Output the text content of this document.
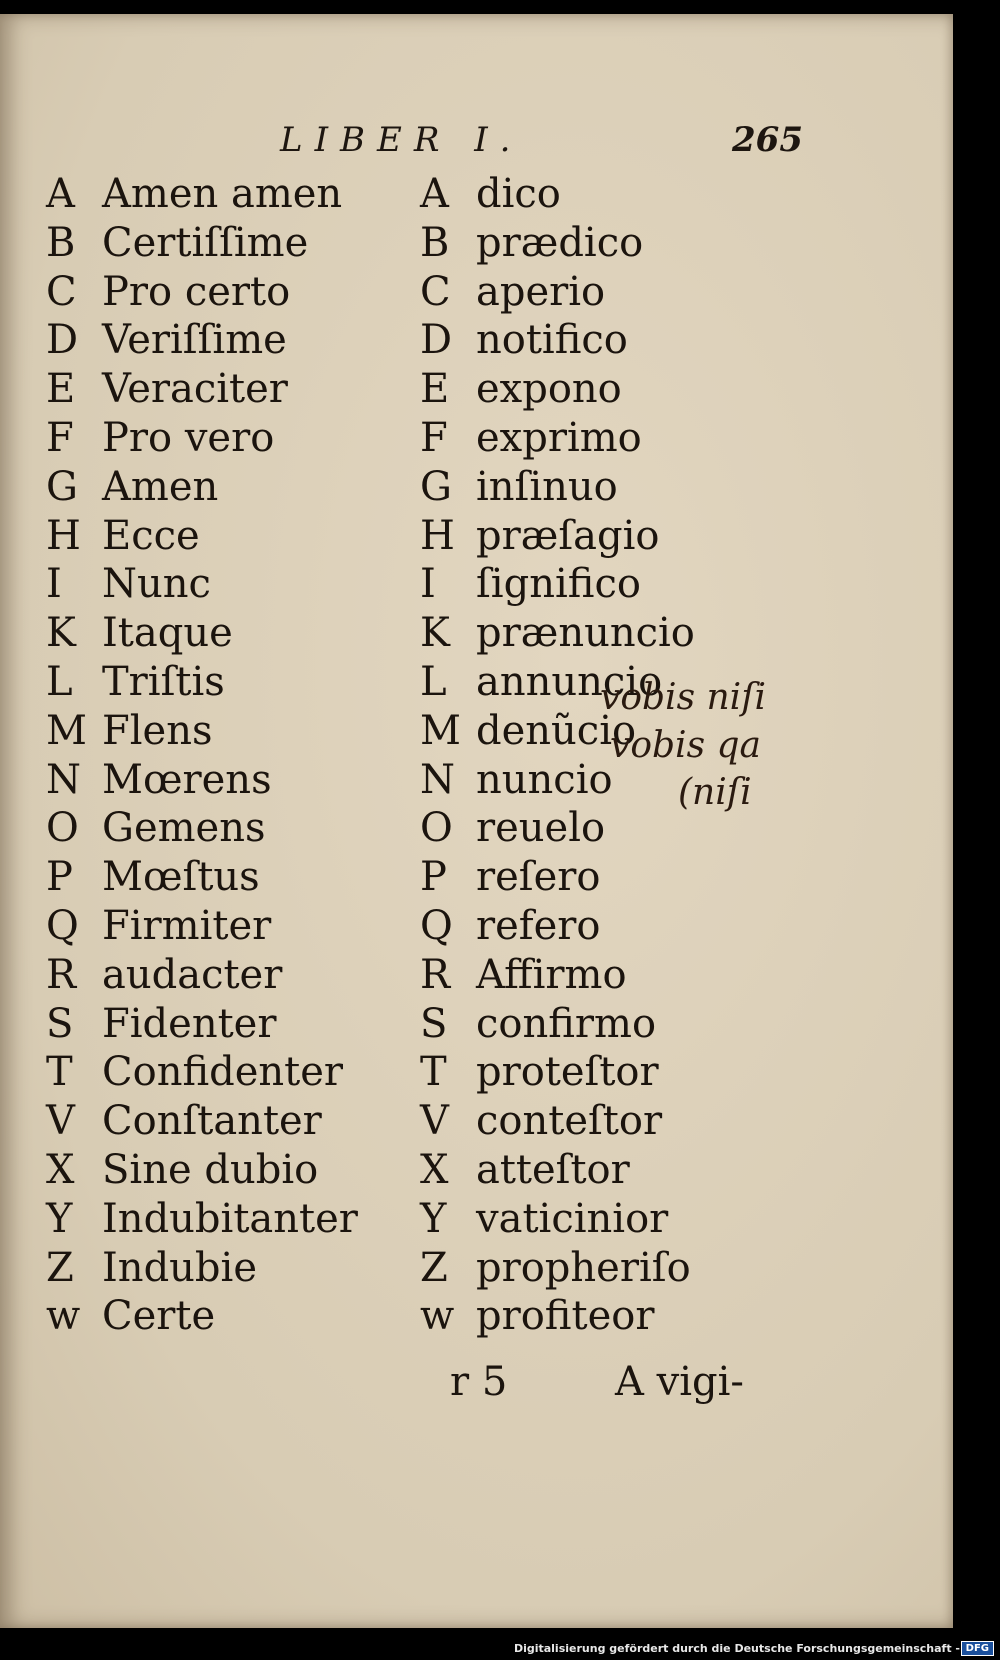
LIBER I.	265
A Amen amen
B Certiſſime
C Pro certo
D Veriſſime
E Veraciter
F Pro vero
G Amen
H Ecce
I Nunc
K Itaque
L Triſtis
M Flens
N Mœrens
O Gemens
P Mœſtus
Q Firmiter
R audacter
S Fidenter
T Confidenter
V Conſtanter
X Sine dubio
Y Indubitanter
Z Indubie
w Certe
A dico
B prædico
C aperio
D notifico
E expono
F exprimo
G inſinuo
H præſagio
I ſignifico
K prænuncio
L annuncio
M denũcio
N nuncio
O reuelo
P reſero
Q refero
R Affirmo
S confirmo
T proteſtor
V conteſtor
X atteſtor
Y vaticinior
Z propheriſo
w profiteor
vobis niſi
vobis qa
(niſi
r 5	A vigi-
Digitalisierung gefördert durch die Deutsche Forschungsgemeinschaft - DFG
